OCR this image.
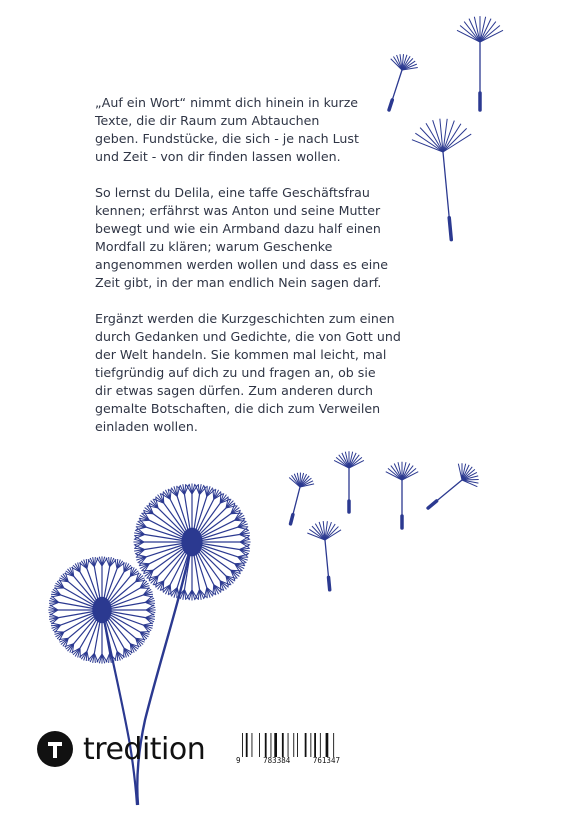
„Auf ein Wort“ nimmt dich hinein in kurze
Texte, die dir Raum zum Abtauchen
geben. Fundstücke, die sich - je nach Lust
und Zeit - von dir finden lassen wollen.

So lernst du Delila, eine taffe Geschäftsfrau
kennen; erfährst was Anton und seine Mutter
bewegt und wie ein Armband dazu half einen
Mordfall zu klären; warum Geschenke
angenommen werden wollen und dass es eine
Zeit gibt, in der man endlich Nein sagen darf.

Ergänzt werden die Kurzgeschichten zum einen
durch Gedanken und Gedichte, die von Gott und
der Welt handeln. Sie kommen mal leicht, mal
tiefgründig auf dich zu und fragen an, ob sie
dir etwas sagen dürfen. Zum anderen durch
gemalte Botschaften, die dich zum Verweilen
einladen wollen.

tredition	9	783384	761347
